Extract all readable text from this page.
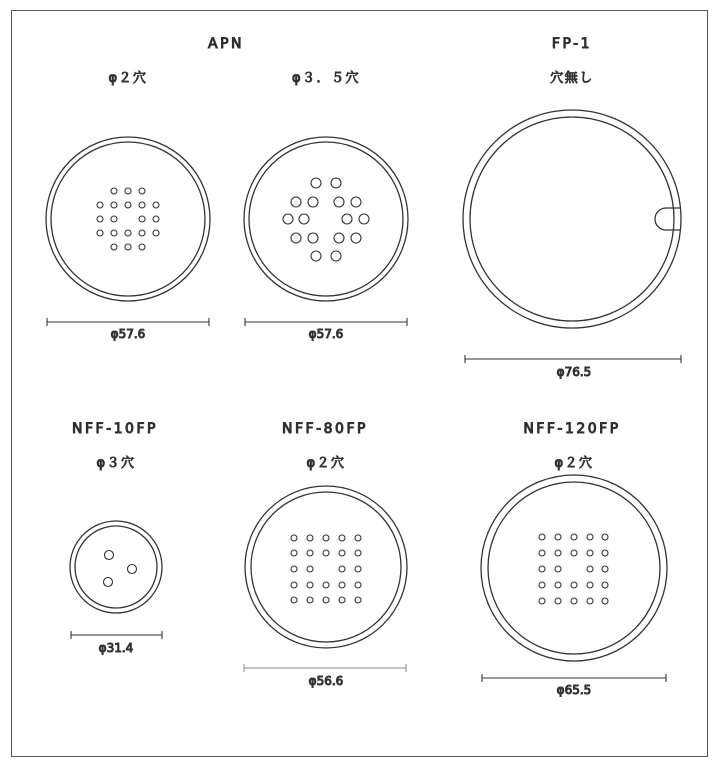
APN	FP-1
NFF-10FP	NFF-80FP	NFF-120FP
φ２穴	φ３．５穴	穴無し
φ３穴	φ２穴	φ２穴
φ57.6	φ57.6
φ76.5
φ31.4
φ56.6
φ65.5
